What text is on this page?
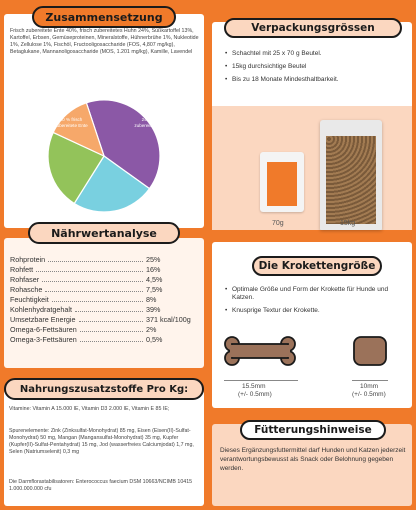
Frisch zubereitete Ente 40%, frisch zubereitetes Huhn 24%, Süßkartoffel 13%, Kartoffel, Erbsen, Gemüseproteinen, Mineralstoffe, Hühnerbrühe 1%, Nukleotide 1%, Zellulose 1%, Fischöl, Fructooligosaccharide (FOS, 4,807 mg/kg), Betaglukane, Mannanoligosaccharide (MOS, 1.201 mg/kg), Kamille, Lavendel
40 % frisch zubereitete Ente
24 % frisch zubereitetes Huhn
Weitere funktionelle Inhaltsstoffe
13 % Süßkartoffel
Zusammensetzung
Rohprotein	25%
Rohfett	16%
Rohfaser	4,5%
Rohasche	7,5%
Feuchtigkeit	8%
Kohlenhydratgehalt	39%
Umsetzbare Energie	371 kcal/100g
Omega-6-Fettsäuren	2%
Omega-3-Fettsäuren	0,5%
Nährwertanalyse
Vitamine: Vitamin A 15.000 IE, Vitamin D3 2.000 IE, Vitamin E 85 IE;
Spurenelemente: Zink (Zinksulfat-Monohydrat) 85 mg, Eisen (Eisen(II)-Sulfat-Monohydrat) 50 mg, Mangan (Mangansulfat-Monohydrat) 35 mg, Kupfer (Kupfer(II)-Sulfat-Pentahydrat) 15 mg, Jod (wasserfreies Calciumjodat) 1,7 mg, Selen (Natriumselenit) 0,3 mg
Die Darmflorastabilisatoren: Enterococcus faecium DSM 10663/NCIMB 10415 1.000.000.000 cfu
Nahrungszusatzstoffe Pro Kg:
• Schachtel mit 25 x 70 g Beutel.
• 15kg durchsichtige Beutel
• Bis zu 18 Monate Mindesthaltbarkeit.
70g	15kg
Verpackungsgrössen
• Optimale Größe und Form der Krokette für Hunde und Katzen.
• Knusprige Textur der Krokette.
15.5mm
(+/- 0.5mm)
10mm
(+/- 0.5mm)
Die Krokettengröße
Dieses Ergänzungsfuttermittel darf Hunden und Katzen jederzeit verantwortungsbewusst als Snack oder Belohnung gegeben werden.
Fütterungshinweise
